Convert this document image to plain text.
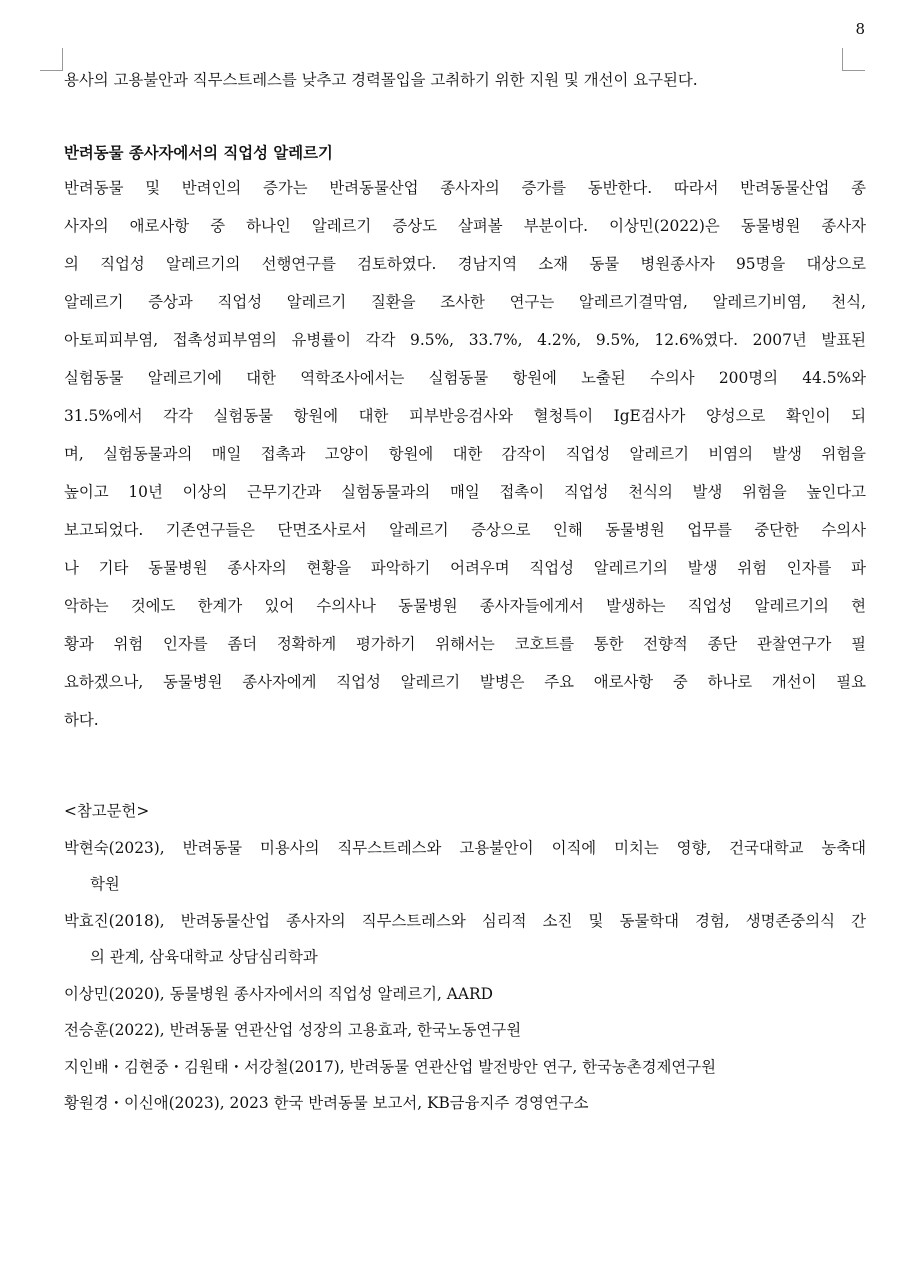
8
용사의 고용불안과 직무스트레스를 낮추고 경력몰입을 고취하기 위한 지원 및 개선이 요구된다.
반려동물 종사자에서의 직업성 알레르기
반려동물 및 반려인의 증가는 반려동물산업 종사자의 증가를 동반한다. 따라서 반려동물산업 종
사자의 애로사항 중 하나인 알레르기 증상도 살펴볼 부분이다. 이상민(2022)은 동물병원 종사자
의 직업성 알레르기의 선행연구를 검토하였다. 경남지역 소재 동물 병원종사자 95명을 대상으로
알레르기 증상과 직업성 알레르기 질환을 조사한 연구는 알레르기결막염, 알레르기비염, 천식,
아토피피부염, 접촉성피부염의 유병률이 각각 9.5%, 33.7%, 4.2%, 9.5%, 12.6%였다. 2007년 발표된
실험동물 알레르기에 대한 역학조사에서는 실험동물 항원에 노출된 수의사 200명의 44.5%와
31.5%에서 각각 실험동물 항원에 대한 피부반응검사와 혈청특이 IgE검사가 양성으로 확인이 되
며, 실험동물과의 매일 접촉과 고양이 항원에 대한 감작이 직업성 알레르기 비염의 발생 위험을
높이고 10년 이상의 근무기간과 실험동물과의 매일 접촉이 직업성 천식의 발생 위험을 높인다고
보고되었다. 기존연구들은 단면조사로서 알레르기 증상으로 인해 동물병원 업무를 중단한 수의사
나 기타 동물병원 종사자의 현황을 파악하기 어려우며 직업성 알레르기의 발생 위험 인자를 파
악하는 것에도 한계가 있어 수의사나 동물병원 종사자들에게서 발생하는 직업성 알레르기의 현
황과 위험 인자를 좀더 정확하게 평가하기 위해서는 코호트를 통한 전향적 종단 관찰연구가 필
요하겠으나, 동물병원 종사자에게 직업성 알레르기 발병은 주요 애로사항 중 하나로 개선이 필요
하다.
<참고문헌>
박현숙(2023), 반려동물 미용사의 직무스트레스와 고용불안이 이직에 미치는 영향, 건국대학교 농축대
학원
박효진(2018), 반려동물산업 종사자의 직무스트레스와 심리적 소진 및 동물학대 경험, 생명존중의식 간
의 관계, 삼육대학교 상담심리학과
이상민(2020), 동물병원 종사자에서의 직업성 알레르기, AARD
전승훈(2022), 반려동물 연관산업 성장의 고용효과, 한국노동연구원
지인배・김현중・김원태・서강철(2017), 반려동물 연관산업 발전방안 연구, 한국농촌경제연구원
황원경・이신애(2023), 2023 한국 반려동물 보고서, KB금융지주 경영연구소
